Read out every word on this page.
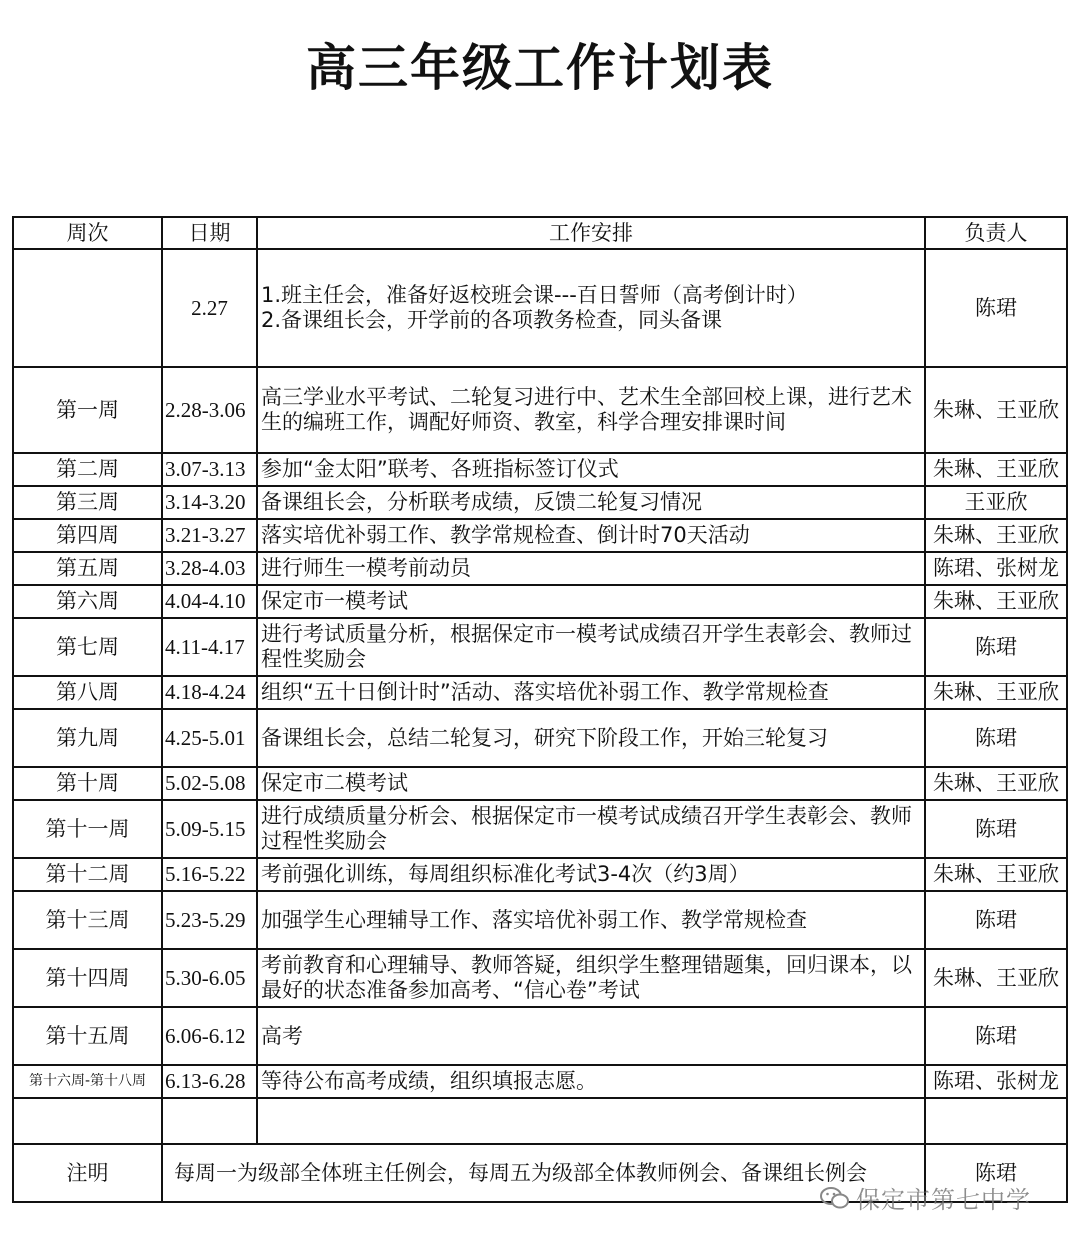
高三年级工作计划表
周次	日期	工作安排	负责人
	2.27	1.班主任会，准备好返校班会课---百日誓师（高考倒计时）
2.备课组长会，开学前的各项教务检查，同头备课	陈珺
第一周	2.28-3.06	高三学业水平考试、二轮复习进行中、艺术生全部回校上课，进行艺术生的编班工作，调配好师资、教室，科学合理安排课时间	朱琳、王亚欣
第二周	3.07-3.13	参加“金太阳”联考、各班指标签订仪式	朱琳、王亚欣
第三周	3.14-3.20	备课组长会，分析联考成绩，反馈二轮复习情况	王亚欣
第四周	3.21-3.27	落实培优补弱工作、教学常规检查、倒计时70天活动	朱琳、王亚欣
第五周	3.28-4.03	进行师生一模考前动员	陈珺、张树龙
第六周	4.04-4.10	保定市一模考试	朱琳、王亚欣
第七周	4.11-4.17	进行考试质量分析，根据保定市一模考试成绩召开学生表彰会、教师过程性奖励会	陈珺
第八周	4.18-4.24	组织“五十日倒计时”活动、落实培优补弱工作、教学常规检查	朱琳、王亚欣
第九周	4.25-5.01	备课组长会，总结二轮复习，研究下阶段工作，开始三轮复习	陈珺
第十周	5.02-5.08	保定市二模考试	朱琳、王亚欣
第十一周	5.09-5.15	进行成绩质量分析会、根据保定市一模考试成绩召开学生表彰会、教师过程性奖励会	陈珺
第十二周	5.16-5.22	考前强化训练，每周组织标准化考试3-4次（约3周）	朱琳、王亚欣
第十三周	5.23-5.29	加强学生心理辅导工作、落实培优补弱工作、教学常规检查	陈珺
第十四周	5.30-6.05	考前教育和心理辅导、教师答疑，组织学生整理错题集，回归课本，以最好的状态准备参加高考、“信心卷”考试	朱琳、王亚欣
第十五周	6.06-6.12	高考	陈珺
第十六周-第十八周	6.13-6.28	等待公布高考成绩，组织填报志愿。	陈珺、张树龙

注明	每周一为级部全体班主任例会，每周五为级部全体教师例会、备课组长例会		陈珺
保定市第七中学
